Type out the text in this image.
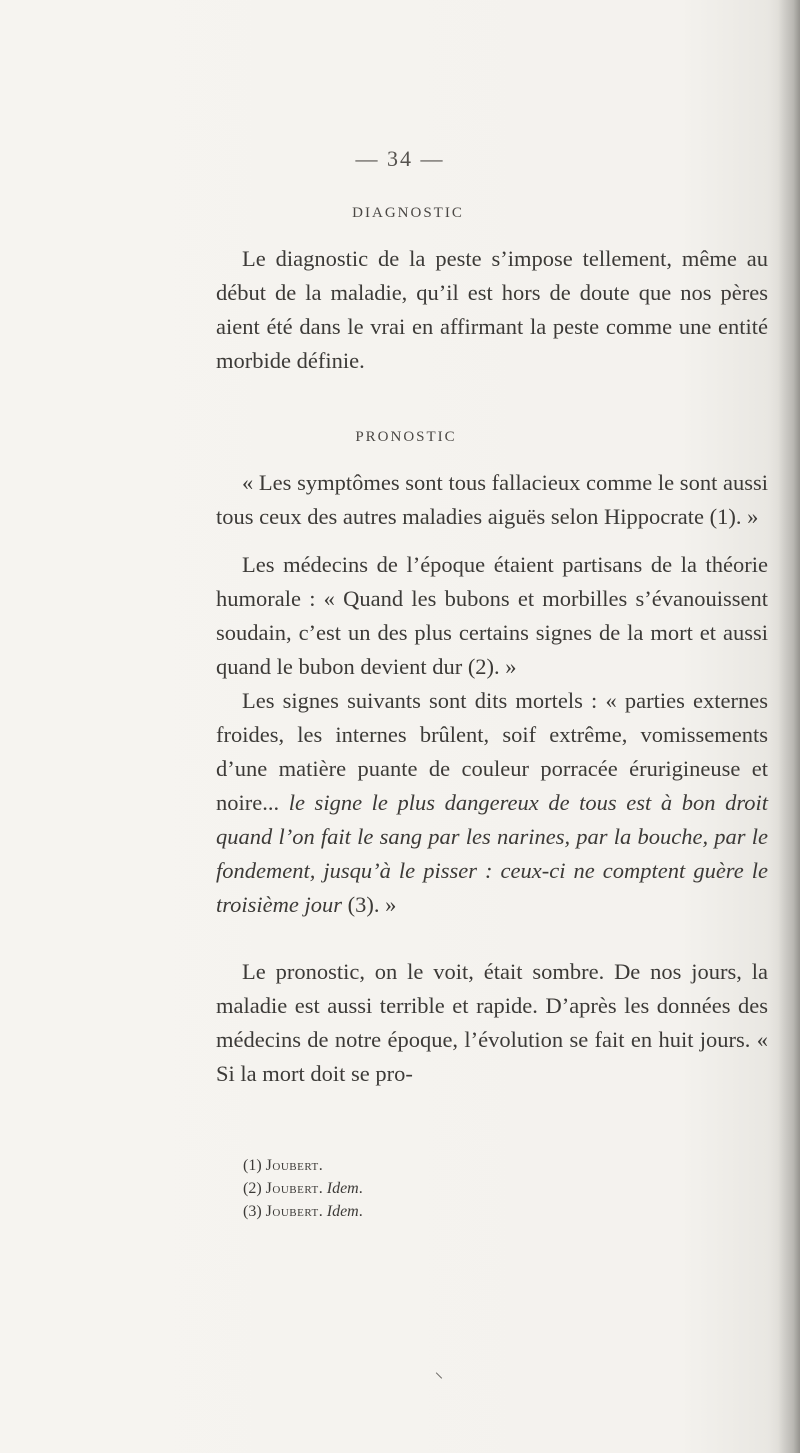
— 34 —
DIAGNOSTIC

Le diagnostic de la peste s’impose tellement, même au début de la maladie, qu’il est hors de doute que nos pères aient été dans le vrai en affirmant la peste comme une entité morbide définie.

PRONOSTIC

« Les symptômes sont tous fallacieux comme le sont aussi tous ceux des autres maladies aiguës selon Hippocrate (1). »

Les médecins de l’époque étaient partisans de la théorie humorale : « Quand les bubons et morbilles s’évanouissent soudain, c’est un des plus certains signes de la mort et aussi quand le bubon devient dur (2). »

Les signes suivants sont dits mortels : « parties externes froides, les internes brûlent, soif extrême, vomissements d’une matière puante de couleur porracée érurigineuse et noire... le signe le plus dangereux de tous est à bon droit quand l’on fait le sang par les narines, par la bouche, par le fondement, jusqu’à le pisser : ceux-ci ne comptent guère le troisième jour (3). »

Le pronostic, on le voit, était sombre. De nos jours, la maladie est aussi terrible et rapide. D’après les données des médecins de notre époque, l’évolution se fait en huit jours. « Si la mort doit se pro-

(1) Joubert.
(2) Joubert. Idem.
(3) Joubert. Idem.
